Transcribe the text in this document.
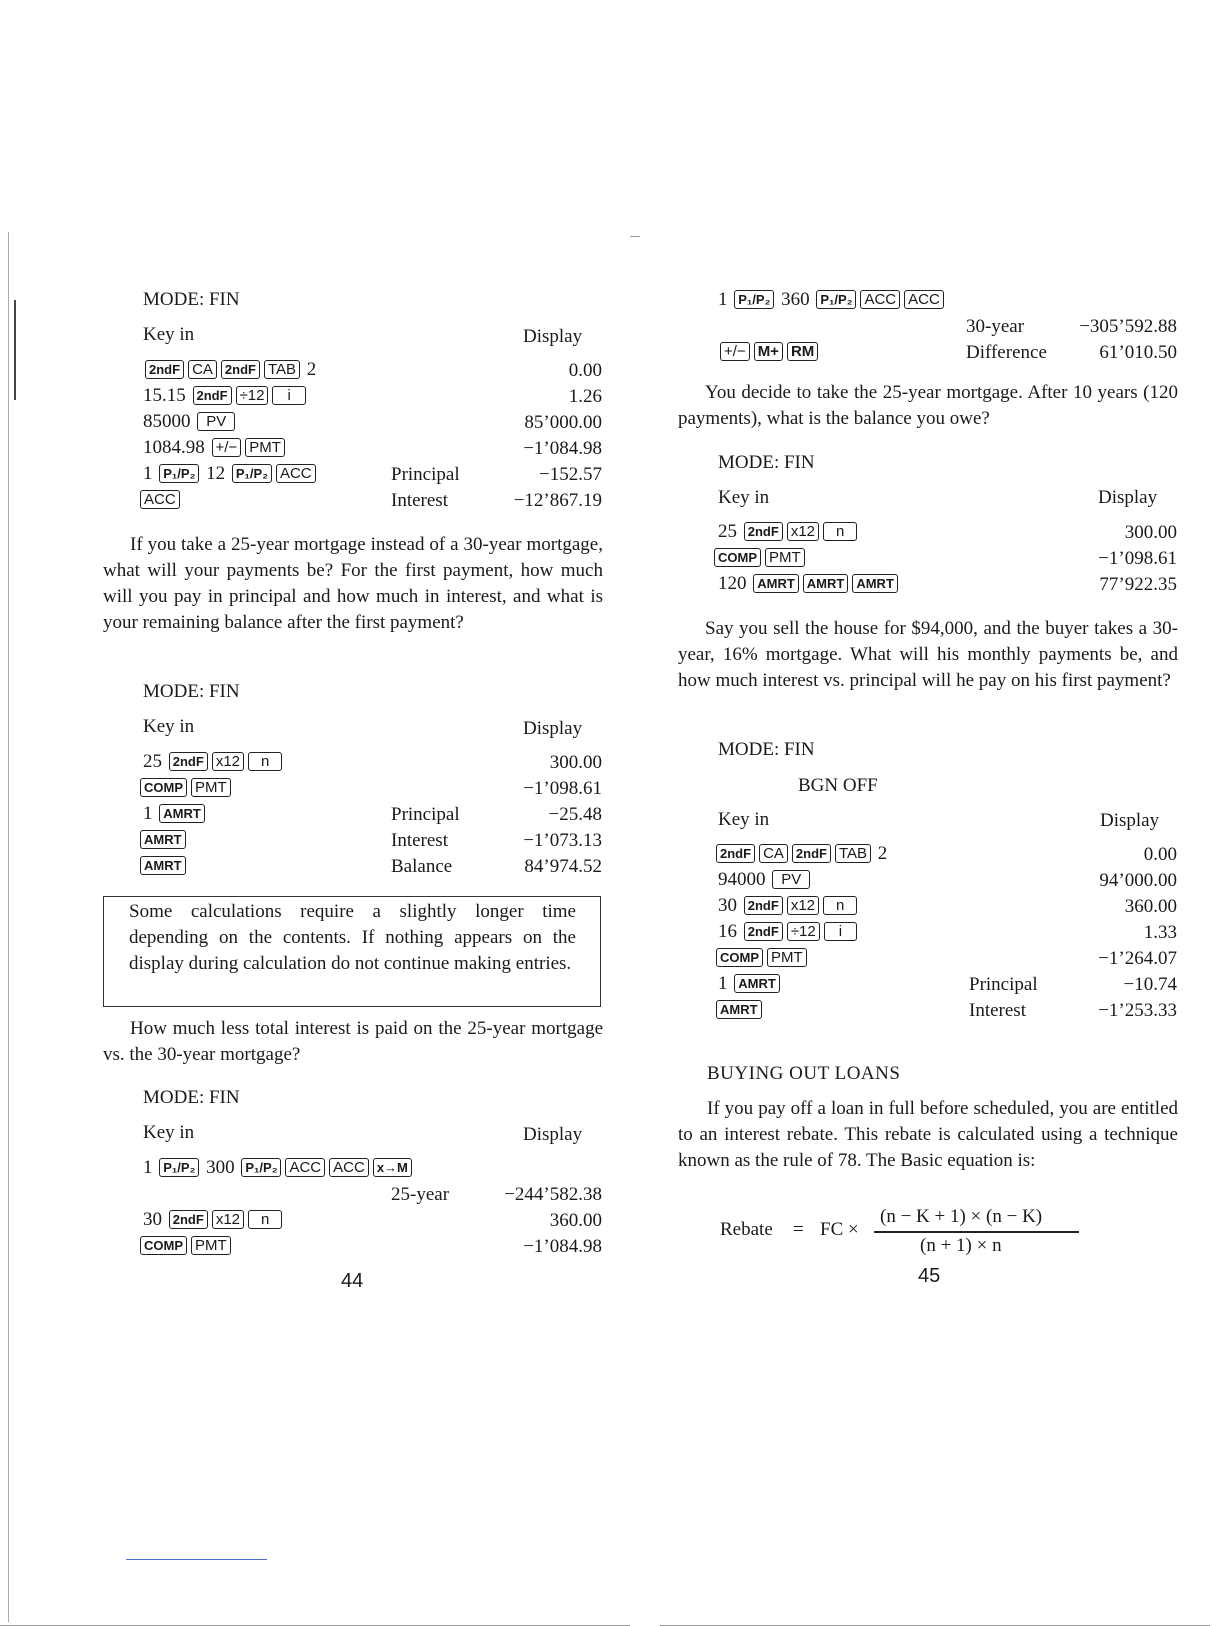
MODE: FIN
Key in	Display
2ndF CA 2ndF TAB 2	0.00
15.15 2ndF ÷12 i	1.26
85000 PV	85’000.00
1084.98 +/− PMT	−1’084.98
1 P₁/P₂ 12 P₁/P₂ ACC	Principal	−152.57
ACC	Interest	−12’867.19
If you take a 25-year mortgage instead of a 30-year mortgage, what will your payments be? For the first payment, how much will you pay in principal and how much in interest, and what is your remaining balance after the first payment?
MODE: FIN
Key in	Display
25 2ndF x12 n	300.00
COMP PMT	−1’098.61
1 AMRT	Principal	−25.48
AMRT	Interest	−1’073.13
AMRT	Balance	84’974.52
Some calculations require a slightly longer time depending on the contents. If nothing appears on the display during calculation do not continue making entries.
How much less total interest is paid on the 25-year mortgage vs. the 30-year mortgage?
MODE: FIN
Key in	Display
1 P₁/P₂ 300 P₁/P₂ ACC ACC x→M
25-year	−244’582.38
30 2ndF x12 n	360.00
COMP PMT	−1’084.98
44
1 P₁/P₂ 360 P₁/P₂ ACC ACC
30-year	−305’592.88
+/− M+ RM	Difference	61’010.50
You decide to take the 25-year mortgage. After 10 years (120 payments), what is the balance you owe?
MODE: FIN
Key in	Display
25 2ndF x12 n	300.00
COMP PMT	−1’098.61
120 AMRT AMRT AMRT	77’922.35
Say you sell the house for $94,000, and the buyer takes a 30-year, 16% mortgage. What will his monthly payments be, and how much interest vs. principal will he pay on his first payment?
MODE: FIN
BGN OFF
Key in	Display
2ndF CA 2ndF TAB 2	0.00
94000 PV	94’000.00
30 2ndF x12 n	360.00
16 2ndF ÷12 i	1.33
COMP PMT	−1’264.07
1 AMRT	Principal	−10.74
AMRT	Interest	−1’253.33
BUYING OUT LOANS
If you pay off a loan in full before scheduled, you are entitled to an interest rebate. This rebate is calculated using a technique known as the rule of 78. The Basic equation is:
Rebate = FC ×
(n − K + 1) × (n − K)
(n + 1) × n
45
